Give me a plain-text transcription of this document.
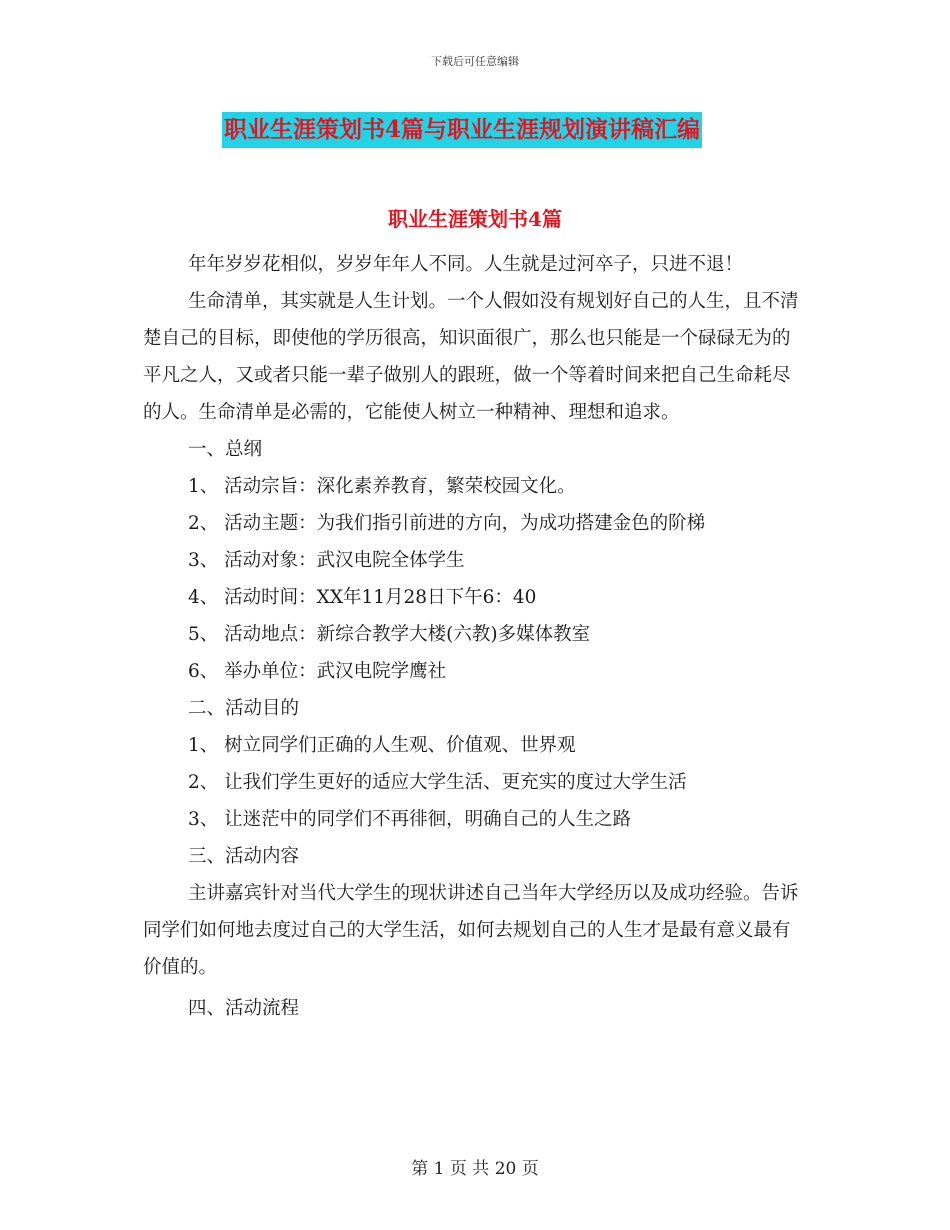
下载后可任意编辑
职业生涯策划书4篇与职业生涯规划演讲稿汇编
职业生涯策划书4篇

年年岁岁花相似，岁岁年年人不同。人生就是过河卒子，只进不退！

生命清单，其实就是人生计划。一个人假如没有规划好自己的人生，且不清楚自己的目标，即使他的学历很高，知识面很广，那么也只能是一个碌碌无为的平凡之人，又或者只能一辈子做别人的跟班，做一个等着时间来把自己生命耗尽的人。生命清单是必需的，它能使人树立一种精神、理想和追求。

一、总纲

1、 活动宗旨：深化素养教育，繁荣校园文化。

2、 活动主题：为我们指引前进的方向，为成功搭建金色的阶梯

3、 活动对象：武汉电院全体学生

4、 活动时间：XX年11月28日下午6：40

5、 活动地点：新综合教学大楼(六教)多媒体教室

6、 举办单位：武汉电院学鹰社

二、活动目的

1、 树立同学们正确的人生观、价值观、世界观

2、 让我们学生更好的适应大学生活、更充实的度过大学生活

3、 让迷茫中的同学们不再徘徊，明确自己的人生之路

三、活动内容

主讲嘉宾针对当代大学生的现状讲述自己当年大学经历以及成功经验。告诉同学们如何地去度过自己的大学生活，如何去规划自己的人生才是最有意义最有价值的。

四、活动流程

第 1 页 共 20 页
